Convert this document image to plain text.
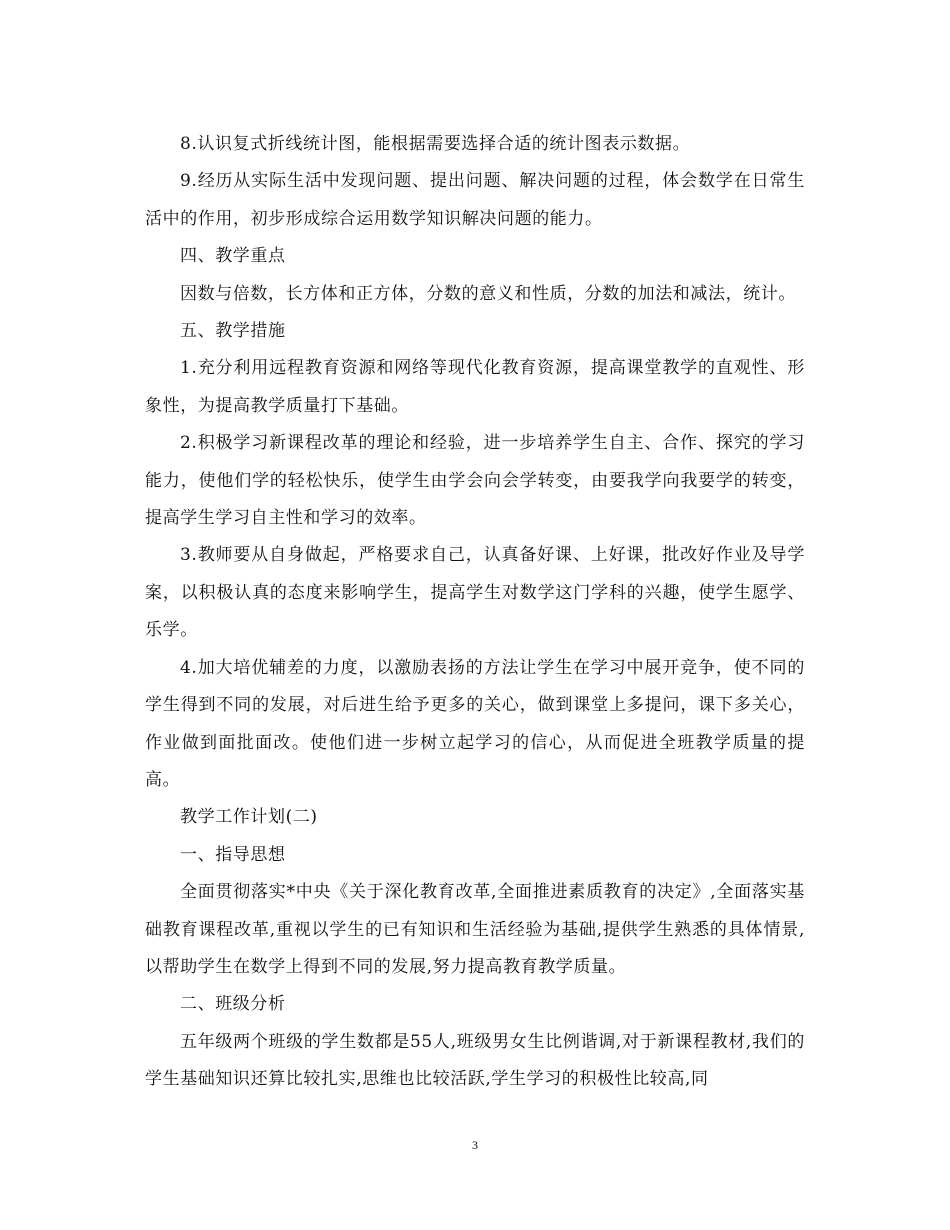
8.认识复式折线统计图，能根据需要选择合适的统计图表示数据。

9.经历从实际生活中发现问题、提出问题、解决问题的过程，体会数学在日常生活中的作用，初步形成综合运用数学知识解决问题的能力。

四、教学重点

因数与倍数，长方体和正方体，分数的意义和性质，分数的加法和减法，统计。

五、教学措施

1.充分利用远程教育资源和网络等现代化教育资源，提高课堂教学的直观性、形象性，为提高教学质量打下基础。

2.积极学习新课程改革的理论和经验，进一步培养学生自主、合作、探究的学习能力，使他们学的轻松快乐，使学生由学会向会学转变，由要我学向我要学的转变，提高学生学习自主性和学习的效率。

3.教师要从自身做起，严格要求自己，认真备好课、上好课，批改好作业及导学案，以积极认真的态度来影响学生，提高学生对数学这门学科的兴趣，使学生愿学、乐学。

4.加大培优辅差的力度，以激励表扬的方法让学生在学习中展开竞争，使不同的学生得到不同的发展，对后进生给予更多的关心，做到课堂上多提问，课下多关心，作业做到面批面改。使他们进一步树立起学习的信心，从而促进全班教学质量的提高。

教学工作计划(二)

一、指导思想

全面贯彻落实*中央《关于深化教育改革,全面推进素质教育的决定》,全面落实基础教育课程改革,重视以学生的已有知识和生活经验为基础,提供学生熟悉的具体情景,以帮助学生在数学上得到不同的发展,努力提高教育教学质量。

二、班级分析

五年级两个班级的学生数都是55人,班级男女生比例谐调,对于新课程教材,我们的学生基础知识还算比较扎实,思维也比较活跃,学生学习的积极性比较高,同

3
